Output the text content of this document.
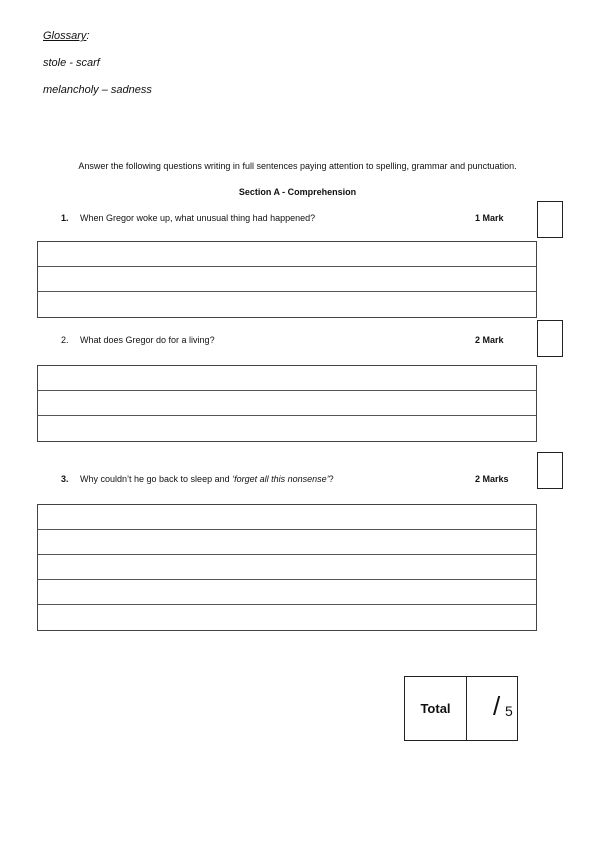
Glossary:
stole - scarf
melancholy – sadness
Answer the following questions writing in full sentences paying attention to spelling, grammar and punctuation.
Section A - Comprehension
1. When Gregor woke up, what unusual thing had happened?	1 Mark
2. What does Gregor do for a living?	2 Mark
3. Why couldn’t he go back to sleep and ‘forget all this nonsense’?	2 Marks
Total	/ 5
